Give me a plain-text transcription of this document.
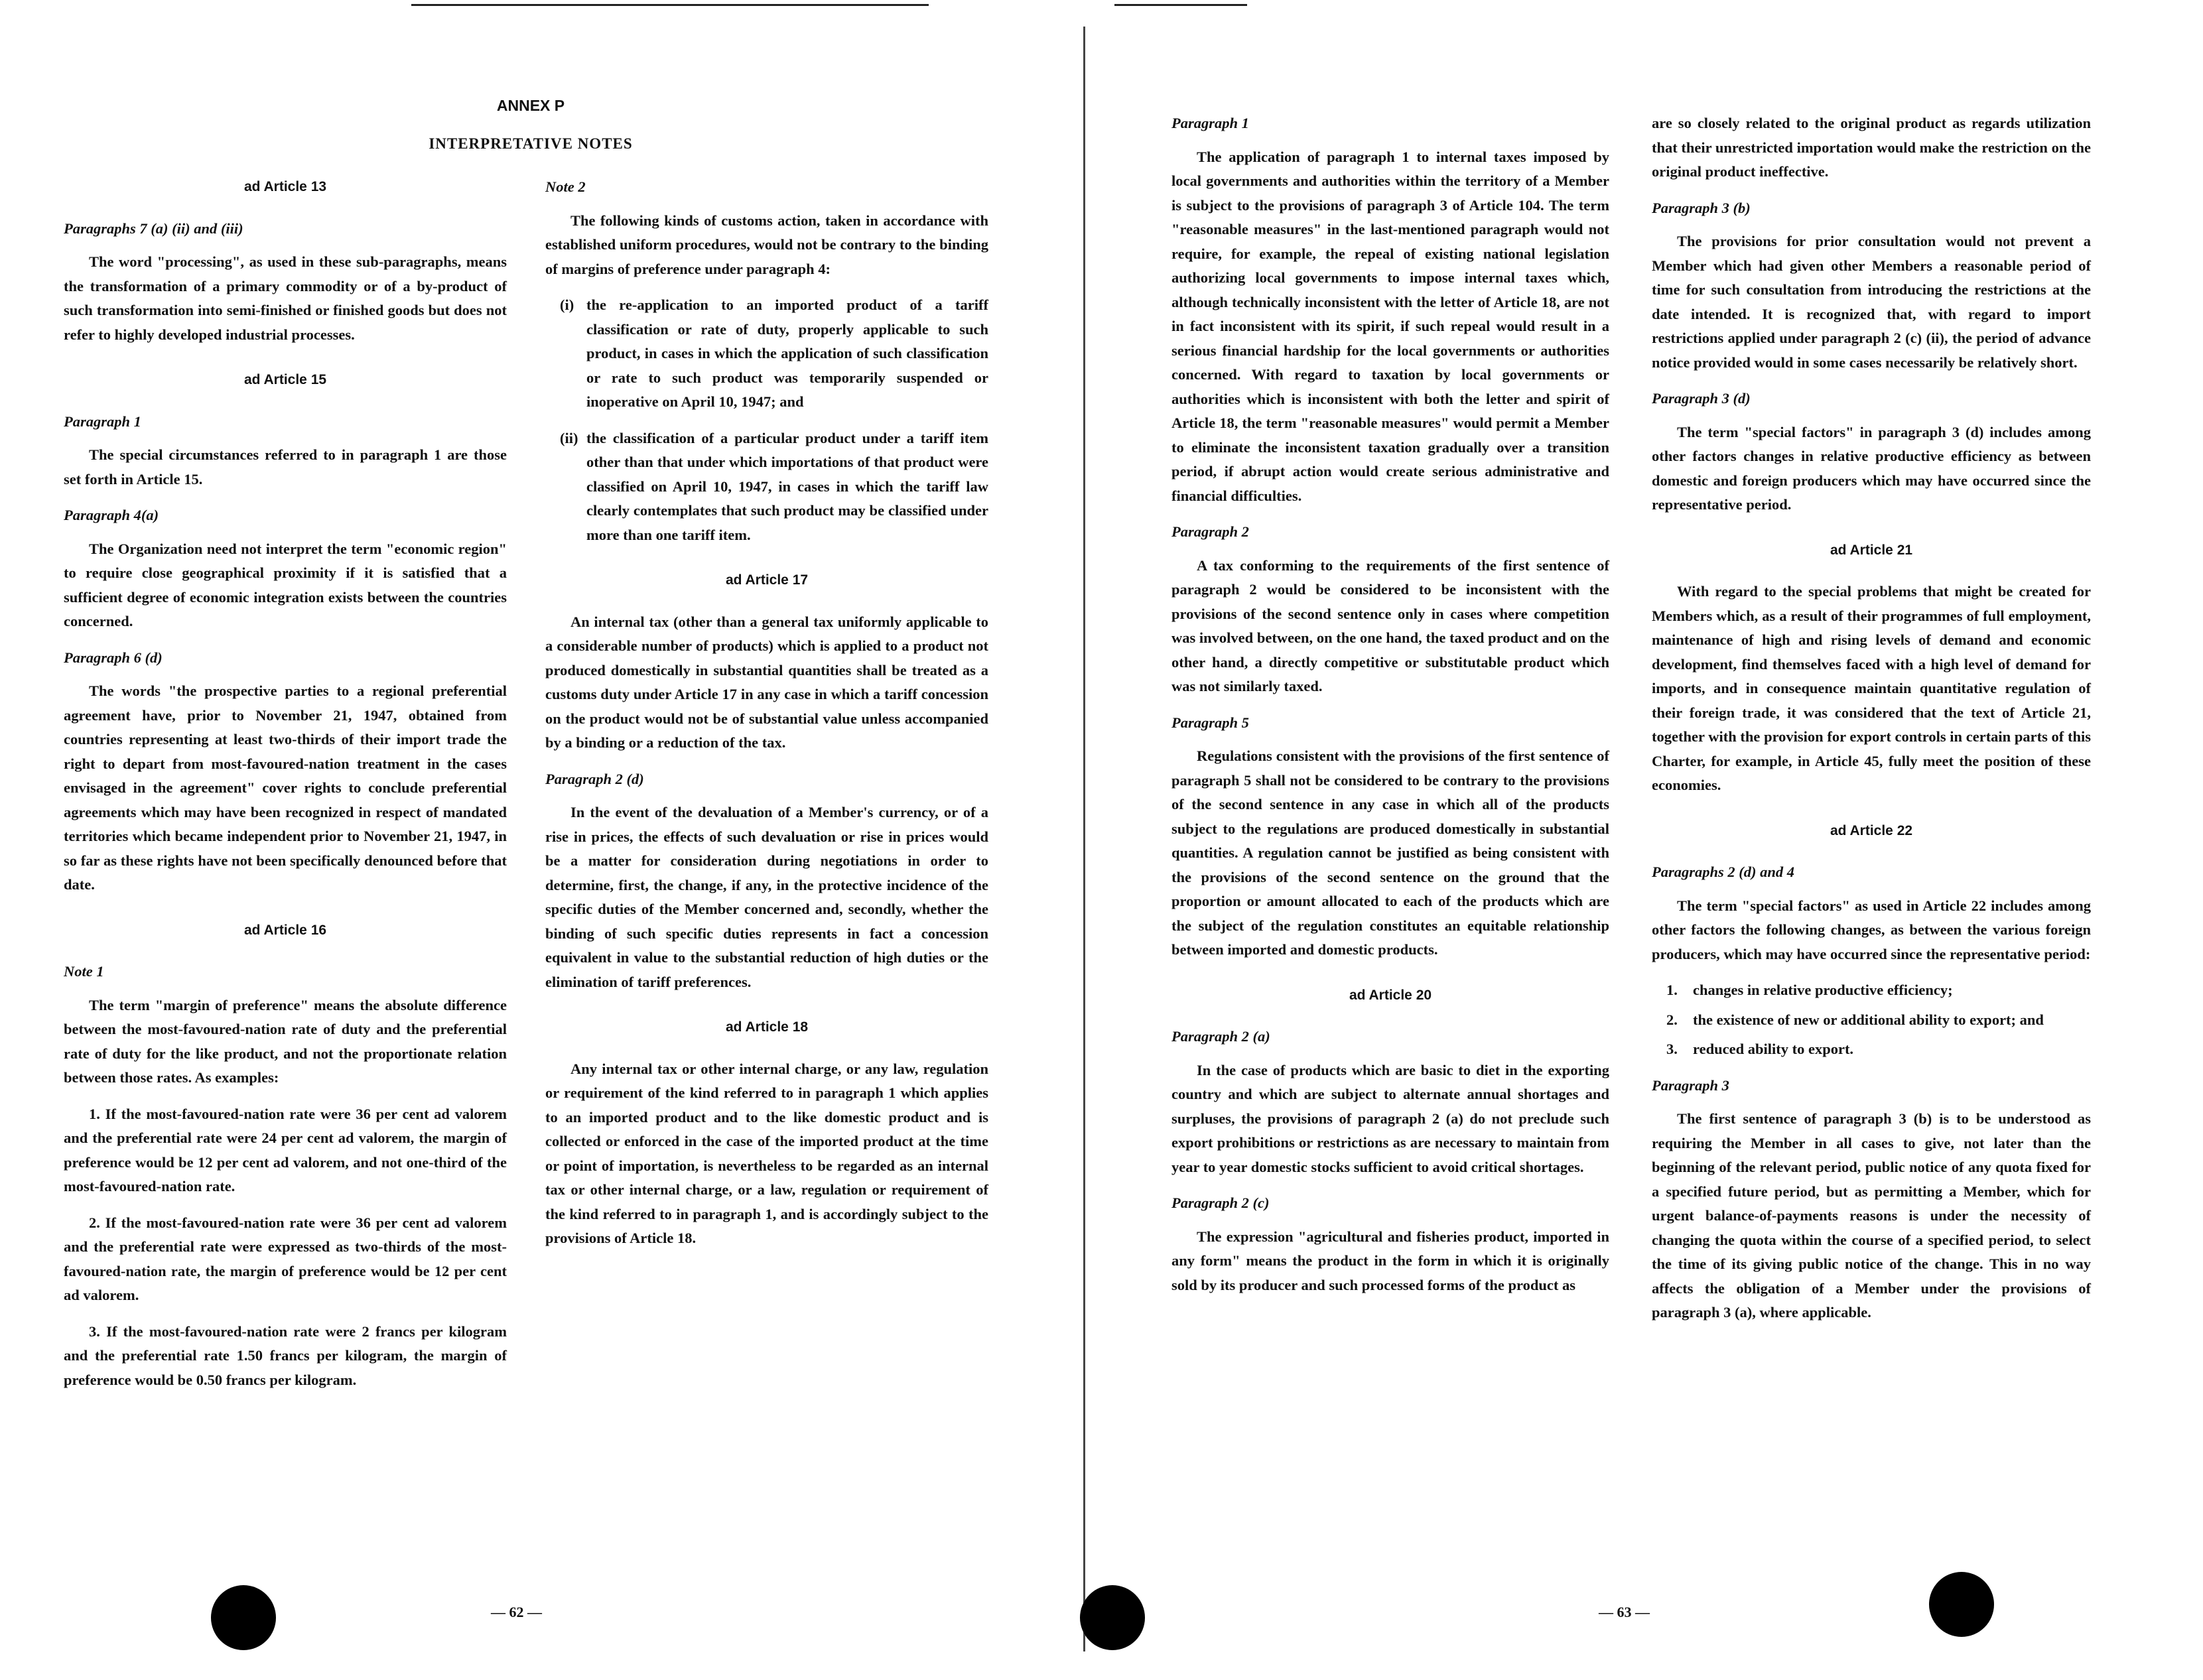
ANNEX P
INTERPRETATIVE NOTES
ad Article 13
Paragraphs 7 (a) (ii) and (iii)

The word "processing", as used in these sub-paragraphs, means the transformation of a primary commodity or of a by-product of such transformation into semi-finished or finished goods but does not refer to highly developed industrial processes.

ad Article 15
Paragraph 1

The special circumstances referred to in paragraph 1 are those set forth in Article 15.

Paragraph 4(a)

The Organization need not interpret the term "economic region" to require close geographical proximity if it is satisfied that a sufficient degree of economic integration exists between the countries concerned.

Paragraph 6 (d)

The words "the prospective parties to a regional preferential agreement have, prior to November 21, 1947, obtained from countries representing at least two-thirds of their import trade the right to depart from most-favoured-nation treatment in the cases envisaged in the agreement" cover rights to conclude preferential agreements which may have been recognized in respect of mandated territories which became independent prior to November 21, 1947, in so far as these rights have not been specifically denounced before that date.

ad Article 16
Note 1

The term "margin of preference" means the absolute difference between the most-favoured-nation rate of duty and the preferential rate of duty for the like product, and not the proportionate relation between those rates. As examples:

1. If the most-favoured-nation rate were 36 per cent ad valorem and the preferential rate were 24 per cent ad valorem, the margin of preference would be 12 per cent ad valorem, and not one-third of the most-favoured-nation rate.

2. If the most-favoured-nation rate were 36 per cent ad valorem and the preferential rate were expressed as two-thirds of the most-favoured-nation rate, the margin of preference would be 12 per cent ad valorem.

3. If the most-favoured-nation rate were 2 francs per kilogram and the preferential rate 1.50 francs per kilogram, the margin of preference would be 0.50 francs per kilogram.

Note 2

The following kinds of customs action, taken in accordance with established uniform procedures, would not be contrary to the binding of margins of preference under paragraph 4:

(i) the re-application to an imported product of a tariff classification or rate of duty, properly applicable to such product, in cases in which the application of such classification or rate to such product was temporarily suspended or inoperative on April 10, 1947; and

(ii) the classification of a particular product under a tariff item other than that under which importations of that product were classified on April 10, 1947, in cases in which the tariff law clearly contemplates that such product may be classified under more than one tariff item.

ad Article 17

An internal tax (other than a general tax uniformly applicable to a considerable number of products) which is applied to a product not produced domestically in substantial quantities shall be treated as a customs duty under Article 17 in any case in which a tariff concession on the product would not be of substantial value unless accompanied by a binding or a reduction of the tax.

Paragraph 2 (d)

In the event of the devaluation of a Member's currency, or of a rise in prices, the effects of such devaluation or rise in prices would be a matter for consideration during negotiations in order to determine, first, the change, if any, in the protective incidence of the specific duties of the Member concerned and, secondly, whether the binding of such specific duties represents in fact a concession equivalent in value to the substantial reduction of high duties or the elimination of tariff preferences.

ad Article 18

Any internal tax or other internal charge, or any law, regulation or requirement of the kind referred to in paragraph 1 which applies to an imported product and to the like domestic product and is collected or enforced in the case of the imported product at the time or point of importation, is nevertheless to be regarded as an internal tax or other internal charge, or a law, regulation or requirement of the kind referred to in paragraph 1, and is accordingly subject to the provisions of Article 18.

— 62 —
Paragraph 1

The application of paragraph 1 to internal taxes imposed by local governments and authorities within the territory of a Member is subject to the provisions of paragraph 3 of Article 104. The term "reasonable measures" in the last-mentioned paragraph would not require, for example, the repeal of existing national legislation authorizing local governments to impose internal taxes which, although technically inconsistent with the letter of Article 18, are not in fact inconsistent with its spirit, if such repeal would result in a serious financial hardship for the local governments or authorities concerned. With regard to taxation by local governments or authorities which is inconsistent with both the letter and spirit of Article 18, the term "reasonable measures" would permit a Member to eliminate the inconsistent taxation gradually over a transition period, if abrupt action would create serious administrative and financial difficulties.

Paragraph 2

A tax conforming to the requirements of the first sentence of paragraph 2 would be considered to be inconsistent with the provisions of the second sentence only in cases where competition was involved between, on the one hand, the taxed product and on the other hand, a directly competitive or substitutable product which was not similarly taxed.

Paragraph 5

Regulations consistent with the provisions of the first sentence of paragraph 5 shall not be considered to be contrary to the provisions of the second sentence in any case in which all of the products subject to the regulations are produced domestically in substantial quantities. A regulation cannot be justified as being consistent with the provisions of the second sentence on the ground that the proportion or amount allocated to each of the products which are the subject of the regulation constitutes an equitable relationship between imported and domestic products.

ad Article 20
Paragraph 2 (a)

In the case of products which are basic to diet in the exporting country and which are subject to alternate annual shortages and surpluses, the provisions of paragraph 2 (a) do not preclude such export prohibitions or restrictions as are necessary to maintain from year to year domestic stocks sufficient to avoid critical shortages.

Paragraph 2 (c)

The expression "agricultural and fisheries product, imported in any form" means the product in the form in which it is originally sold by its producer and such processed forms of the product as

are so closely related to the original product as regards utilization that their unrestricted importation would make the restriction on the original product ineffective.

Paragraph 3 (b)

The provisions for prior consultation would not prevent a Member which had given other Members a reasonable period of time for such consultation from introducing the restrictions at the date intended. It is recognized that, with regard to import restrictions applied under paragraph 2 (c) (ii), the period of advance notice provided would in some cases necessarily be relatively short.

Paragraph 3 (d)

The term "special factors" in paragraph 3 (d) includes among other factors changes in relative productive efficiency as between domestic and foreign producers which may have occurred since the representative period.

ad Article 21

With regard to the special problems that might be created for Members which, as a result of their programmes of full employment, maintenance of high and rising levels of demand and economic development, find themselves faced with a high level of demand for imports, and in consequence maintain quantitative regulation of their foreign trade, it was considered that the text of Article 21, together with the provision for export controls in certain parts of this Charter, for example, in Article 45, fully meet the position of these economies.

ad Article 22
Paragraphs 2 (d) and 4

The term "special factors" as used in Article 22 includes among other factors the following changes, as between the various foreign producers, which may have occurred since the representative period:

1. changes in relative productive efficiency;
2. the existence of new or additional ability to export; and
3. reduced ability to export.
Paragraph 3

The first sentence of paragraph 3 (b) is to be understood as requiring the Member in all cases to give, not later than the beginning of the relevant period, public notice of any quota fixed for a specified future period, but as permitting a Member, which for urgent balance-of-payments reasons is under the necessity of changing the quota within the course of a specified period, to select the time of its giving public notice of the change. This in no way affects the obligation of a Member under the provisions of paragraph 3 (a), where applicable.

— 63 —
